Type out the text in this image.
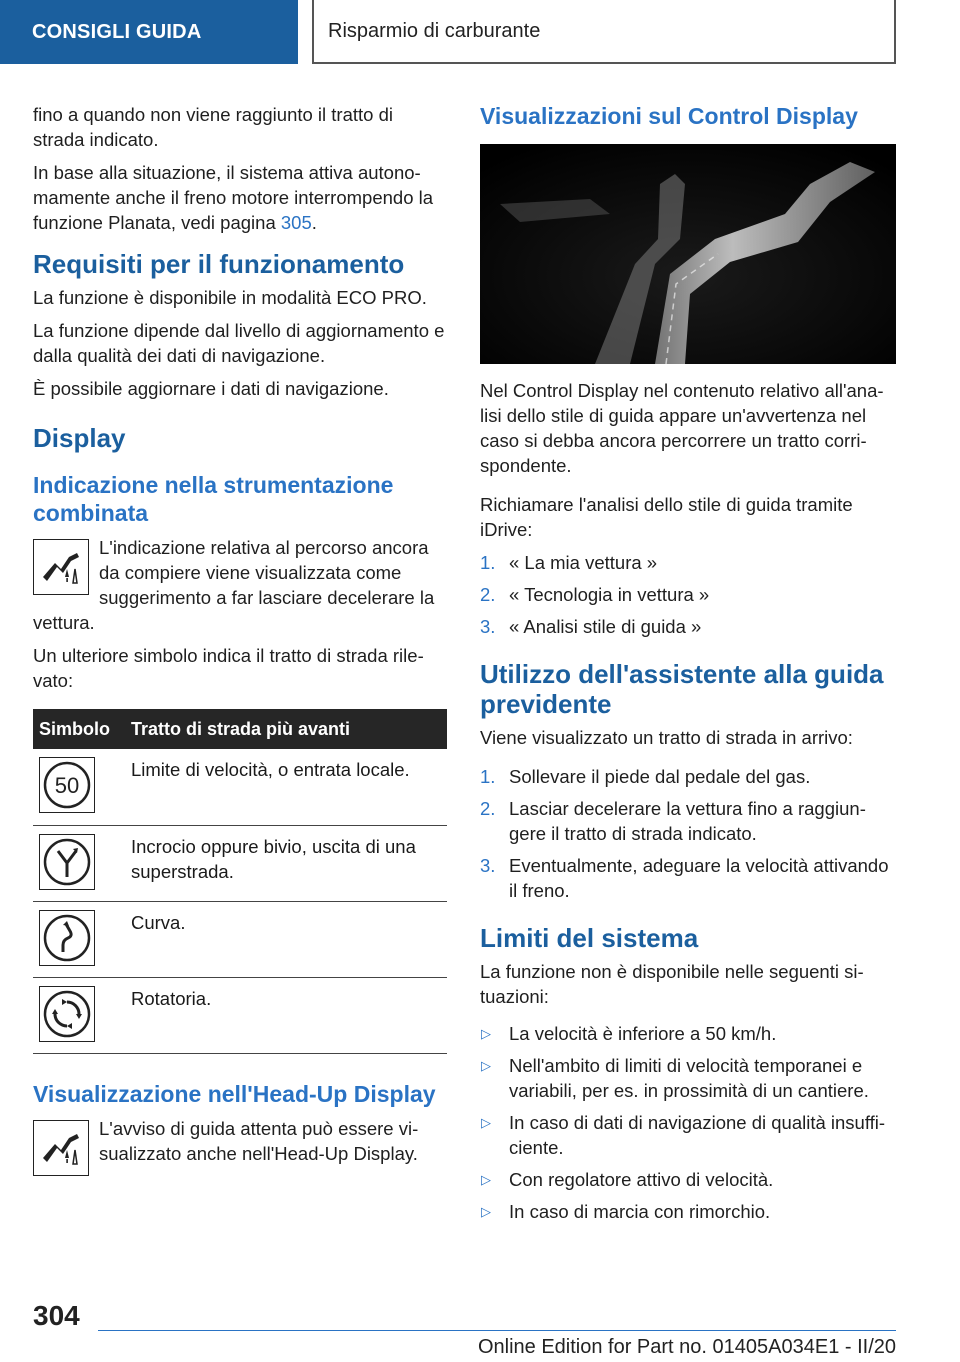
CONSIGLI GUIDA	Risparmio di carburante

fino a quando non viene raggiunto il tratto di strada indicato.

In base alla situazione, il sistema attiva autonomamente anche il freno motore interrompendo la funzione Planata, vedi pagina 305.

Requisiti per il funzionamento

La funzione è disponibile in modalità ECO PRO.

La funzione dipende dal livello di aggiornamento e dalla qualità dei dati di navigazione.

È possibile aggiornare i dati di navigazione.

Display
Indicazione nella strumentazione combinata

L'indicazione relativa al percorso ancora da compiere viene visualizzata come suggerimento a far lasciare decelerare la vettura.

Un ulteriore simbolo indica il tratto di strada rilevato:

Simbolo	Tratto di strada più avanti

50	Limite di velocità, o entrata locale.

	Incrocio oppure bivio, uscita di una superstrada.

	Curva.

	Rotatoria.
Visualizzazione nell'Head-Up Display

L'avviso di guida attenta può essere visualizzato anche nell'Head-Up Display.

Visualizzazioni sul Control Display

Nel Control Display nel contenuto relativo all'analisi dello stile di guida appare un'avvertenza nel caso si debba ancora percorrere un tratto corrispondente.

Richiamare l'analisi dello stile di guida tramite iDrive:

1. « La mia vettura »
2. « Tecnologia in vettura »
3. « Analisi stile di guida »
Utilizzo dell'assistente alla guida previdente

Viene visualizzato un tratto di strada in arrivo:

1. Sollevare il piede dal pedale del gas.
2. Lasciar decelerare la vettura fino a raggiungere il tratto di strada indicato.
3. Eventualmente, adeguare la velocità attivando il freno.
Limiti del sistema

La funzione non è disponibile nelle seguenti situazioni:

▷ La velocità è inferiore a 50 km/h.
▷ Nell'ambito di limiti di velocità temporanei e variabili, per es. in prossimità di un cantiere.
▷ In caso di dati di navigazione di qualità insufficiente.
▷ Con regolatore attivo di velocità.
▷ In caso di marcia con rimorchio.
304
Online Edition for Part no. 01405A034E1 - II/20
